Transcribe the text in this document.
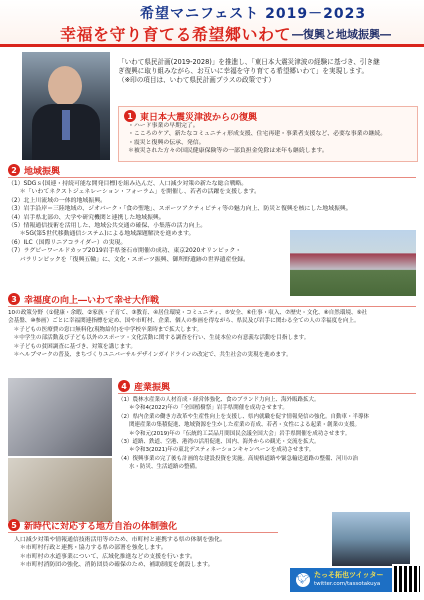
希望マニフェスト 2019－2023
幸福を守り育てる希望郷いわて ―復興と地域振興―
「いわて県民計画(2019-2028)」を推進し、「東日本大震災津波の経験に基づき、引き継
ぎ復興に取り組みながら、お互いに幸福を守り育てる希望郷いわて」を実現します。
（※印の項目は、いわて県民計画プラスの政策です）
1 東日本大震災津波からの復興
・ハード事業の早期完了。
・こころのケア、新たなコミュニティ形成支援、住宅再建・事業者支援など、必要な事業の継続。
・震災と復興の伝承、発信。
＊被災された方々の国民健康保険等の一部負担金免除は来年も継続します。
2 地域振興
（1）SDGｓ(国連・持続可能な開発目標)を組み込んだ、人口減少対策の新たな総合戦略。
　　＊「いわてネクストジェネレーション・フォーラム」を開催し、若者の活躍を支援します。
（2）北上川流域の一体的地域振興。
（3）岩手沿岸＝三陸地域の、ジオパーク・「食の聖地」、スポーツアクティビティ等の魅力向上、防災と復興を核にした地域振興。
（4）岩手県北部の、大学や研究機関と連携した地域振興。
（5）情報通信技術を活用した、地域公共交通の確保、小集落の活力向上。
　　＊5G(第5世代移動通信システム)による地域課題解決を進めます。
（6）ILC（国際リニアコライダー）の実現。
（7）ラグビーワールドカップ2019岩手県釜石市開催の成功、東京2020オリンピック・
　　パラリンピックを「復興五輪」に、文化・スポーツ振興、御所野遺跡の世界遺産登録。
3 幸福度の向上―いわて幸せ大作戦
10の政策分野（①健康・余暇、②家族・子育て、③教育、④居住環境・コミュニティ、⑤安全、⑥仕事・収入、⑦歴史・文化、⑧自然環境、⑨社
会基盤、⑩参画）ごとに幸福関連指標を定め、国や市町村、企業、個人の参画を得ながら、県民及び岩手に関わる全ての人の幸福度を向上。
　＊子どもの医療費の窓口無料化(現物給付)を中学校卒業時まで拡大します。
　＊中学生の部活動及び子ども以外のスポーツ・文化活動に関する調査を行い、生徒本位の有意義な活動を目指します。
　＊子どもの貧困調査に基づき、対策を講じます。
　＊ヘルプマークの普及、まちづくりユニバーサルデザインガイドラインの改定で、共生社会の実現を進めます。
4 産業振興
（1）農林水産業の人材育成・経営体強化、食のブランド力向上、海外販路拡大。
　　＊令和4(2022)年の「全国植樹祭」岩手県開催を成功させます。
（2）県内企業の働き方改革や生産性向上を支援し、県内就職を促す情報発信の強化。自動車・半導体
　　関連産業の集積促進、地域資源を生かした産業の育成、若者・女性による起業・創業の支援。
　　＊令和元(2019)年の「伝統的工芸品月間国民会議全国大会」岩手県開催を成功させます。
（3）道路、鉄道、空港、港湾の活用促進、国内、海外からの観光・交流を拡大。
　　＊令和3(2021)年の東北デスティネーションキャンペーンを成功させます。
（4）復興事業の完了後も計画的な建設投資を実施。高規格道路や緊急輸送道路の整備、河川の治
　　水・防災、生活道路の整備。
5 新時代に対応する地方自治の体制強化
人口減少対策や情報通信技術活用等のため、市町村と連携する県の体制を強化。
　＊市町村行政と連携・協力する県の部署を強化します。
　＊市町村の水道事業について、広域化推進などの支援を行います。
　＊市町村消防団の強化、消防団員の確保のため、補助制度を創設します。
🐦︎ たっそ拓也ツイッター
twitter.com/tassotakuya
